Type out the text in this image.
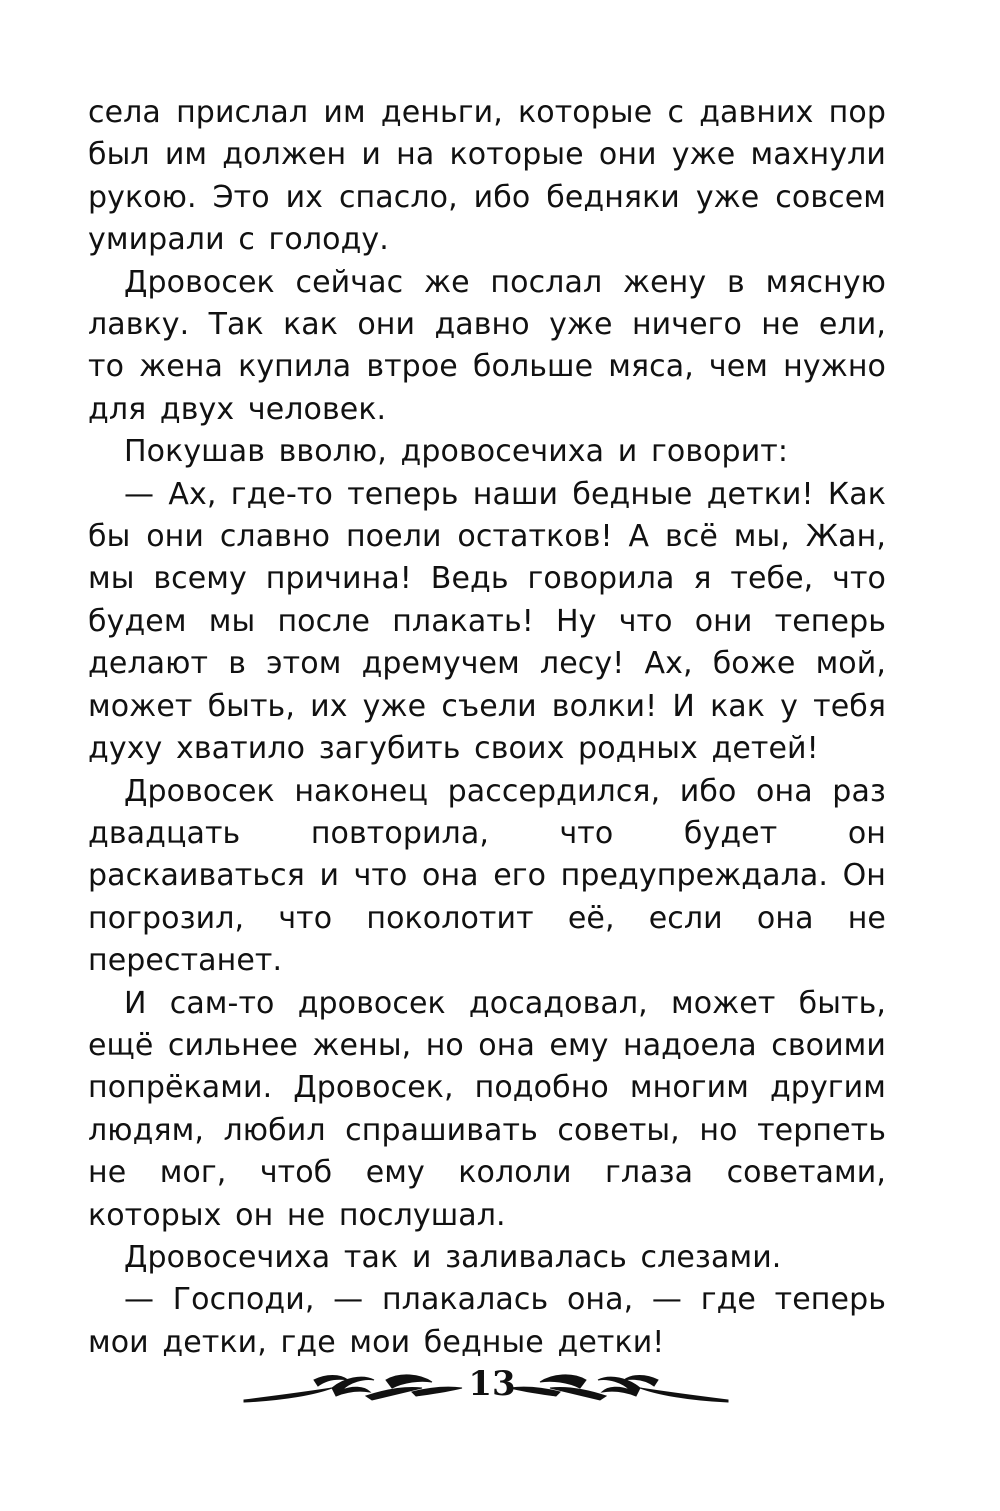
села прислал им деньги, которые с давних пор был им должен и на которые они уже махнули рукою. Это их спасло, ибо бедняки уже совсем умирали с голоду.

Дровосек сейчас же послал жену в мясную лавку. Так как они давно уже ничего не ели, то жена купила втрое больше мяса, чем нужно для двух человек.

Покушав вволю, дровосечиха и говорит:

— Ах, где-то теперь наши бедные детки! Как бы они славно поели остатков! А всё мы, Жан, мы всему причина! Ведь говорила я тебе, что будем мы после плакать! Ну что они теперь делают в этом дремучем лесу! Ах, боже мой, может быть, их уже съели волки! И как у тебя духу хватило загубить своих родных детей!

Дровосек наконец рассердился, ибо она раз двадцать повторила, что будет он раскаиваться и что она его предупреждала. Он погрозил, что поколотит её, если она не перестанет.

И сам-то дровосек досадовал, может быть, ещё сильнее жены, но она ему надоела своими попрёками. Дровосек, подобно многим другим людям, любил спрашивать советы, но терпеть не мог, чтоб ему кололи глаза советами, которых он не послушал.

Дровосечиха так и заливалась слезами.

— Господи, — плакалась она, — где теперь мои детки, где мои бедные детки!

13
